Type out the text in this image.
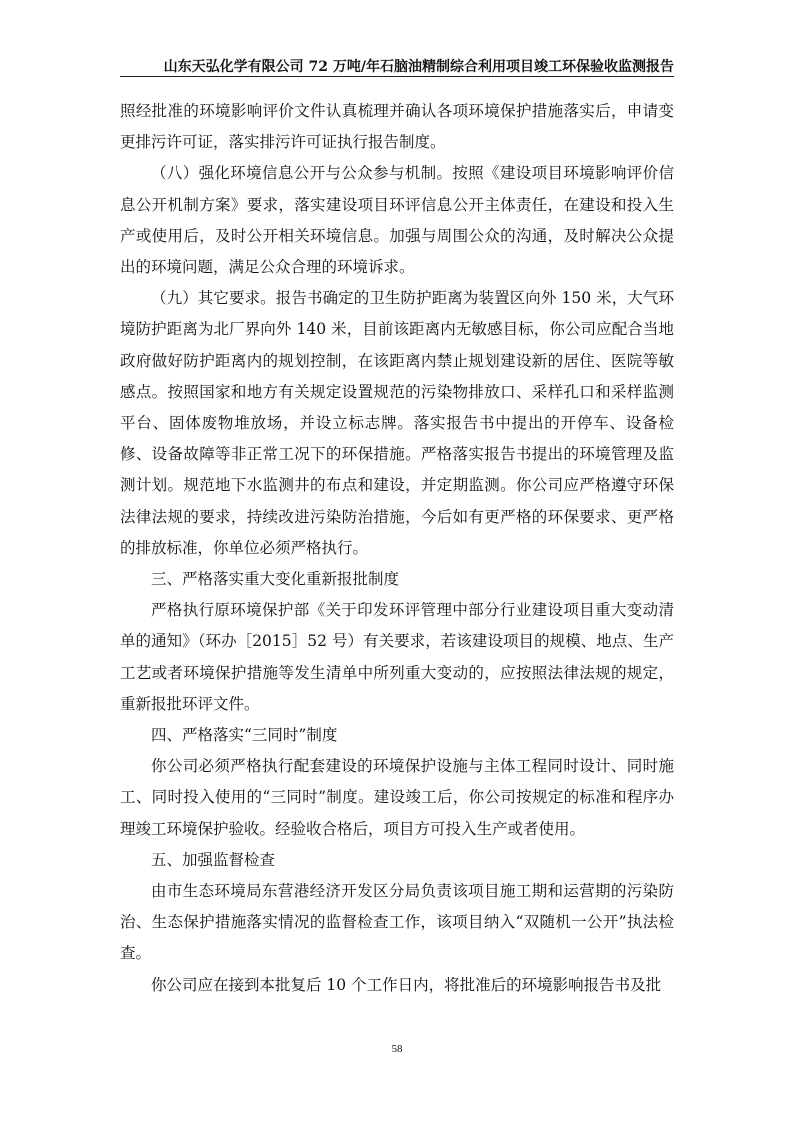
山东天弘化学有限公司 72 万吨/年石脑油精制综合利用项目竣工环保验收监测报告

照经批准的环境影响评价文件认真梳理并确认各项环境保护措施落实后，申请变更排污许可证，落实排污许可证执行报告制度。

（八）强化环境信息公开与公众参与机制。按照《建设项目环境影响评价信息公开机制方案》要求，落实建设项目环评信息公开主体责任，在建设和投入生产或使用后，及时公开相关环境信息。加强与周围公众的沟通，及时解决公众提出的环境问题，满足公众合理的环境诉求。

（九）其它要求。报告书确定的卫生防护距离为装置区向外 150 米，大气环境防护距离为北厂界向外 140 米，目前该距离内无敏感目标，你公司应配合当地政府做好防护距离内的规划控制，在该距离内禁止规划建设新的居住、医院等敏感点。按照国家和地方有关规定设置规范的污染物排放口、采样孔口和采样监测平台、固体废物堆放场，并设立标志牌。落实报告书中提出的开停车、设备检修、设备故障等非正常工况下的环保措施。严格落实报告书提出的环境管理及监测计划。规范地下水监测井的布点和建设，并定期监测。你公司应严格遵守环保法律法规的要求，持续改进污染防治措施，今后如有更严格的环保要求、更严格的排放标准，你单位必须严格执行。

三、严格落实重大变化重新报批制度

严格执行原环境保护部《关于印发环评管理中部分行业建设项目重大变动清单的通知》（环办［2015］52 号）有关要求，若该建设项目的规模、地点、生产工艺或者环境保护措施等发生清单中所列重大变动的，应按照法律法规的规定，重新报批环评文件。

四、严格落实“三同时”制度

你公司必须严格执行配套建设的环境保护设施与主体工程同时设计、同时施工、同时投入使用的“三同时”制度。建设竣工后，你公司按规定的标准和程序办理竣工环境保护验收。经验收合格后，项目方可投入生产或者使用。

五、加强监督检查

由市生态环境局东营港经济开发区分局负责该项目施工期和运营期的污染防治、生态保护措施落实情况的监督检查工作，该项目纳入“双随机一公开”执法检查。

你公司应在接到本批复后 10 个工作日内，将批准后的环境影响报告书及批

58
